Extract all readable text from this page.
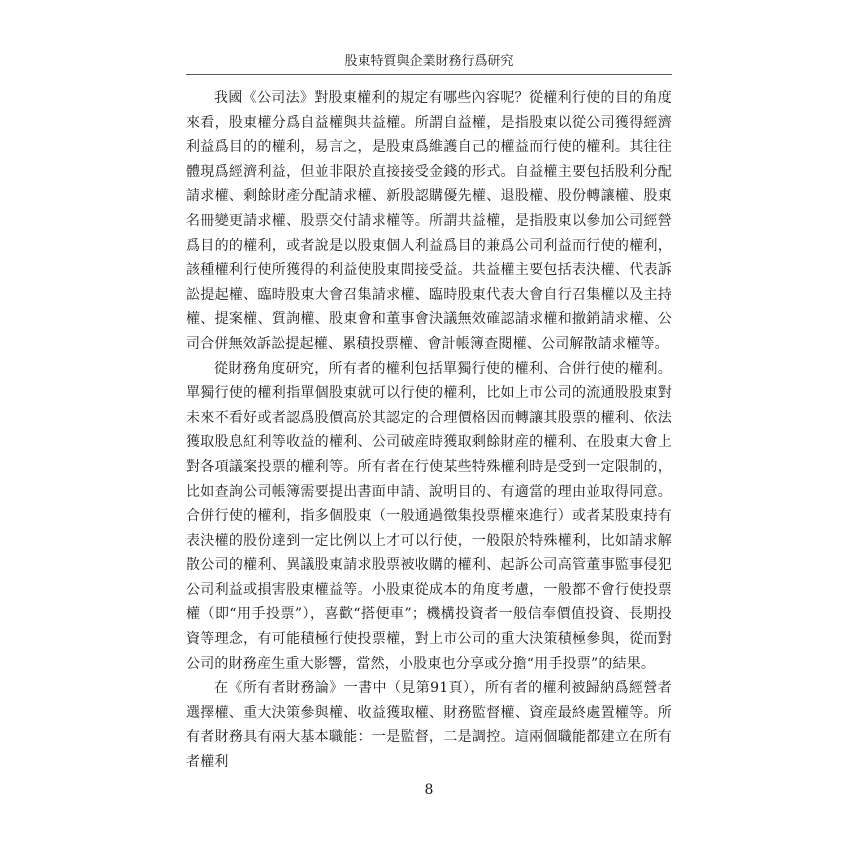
股東特質與企業財務行爲研究

我國《公司法》對股東權利的規定有哪些內容呢？從權利行使的目的角度來看，股東權分爲自益權與共益權。所謂自益權，是指股東以從公司獲得經濟利益爲目的的權利，易言之，是股東爲維護自己的權益而行使的權利。其往往體現爲經濟利益，但並非限於直接接受金錢的形式。自益權主要包括股利分配請求權、剩餘財產分配請求權、新股認購優先權、退股權、股份轉讓權、股東名冊變更請求權、股票交付請求權等。所謂共益權，是指股東以參加公司經營爲目的的權利，或者說是以股東個人利益爲目的兼爲公司利益而行使的權利，該種權利行使所獲得的利益使股東間接受益。共益權主要包括表決權、代表訴訟提起權、臨時股東大會召集請求權、臨時股東代表大會自行召集權以及主持權、提案權、質詢權、股東會和董事會決議無效確認請求權和撤銷請求權、公司合併無效訴訟提起權、累積投票權、會計帳簿查閱權、公司解散請求權等。

從財務角度研究，所有者的權利包括單獨行使的權利、合併行使的權利。單獨行使的權利指單個股東就可以行使的權利，比如上市公司的流通股股東對未來不看好或者認爲股價高於其認定的合理價格因而轉讓其股票的權利、依法獲取股息紅利等收益的權利、公司破産時獲取剩餘財産的權利、在股東大會上對各項議案投票的權利等。所有者在行使某些特殊權利時是受到一定限制的，比如查詢公司帳簿需要提出書面申請、說明目的、有適當的理由並取得同意。合併行使的權利，指多個股東（一般通過徵集投票權來進行）或者某股東持有表決權的股份達到一定比例以上才可以行使，一般限於特殊權利，比如請求解散公司的權利、異議股東請求股票被收購的權利、起訴公司高管董事監事侵犯公司利益或損害股東權益等。小股東從成本的角度考慮，一般都不會行使投票權（即“用手投票”），喜歡“搭便車”；機構投資者一般信奉價值投資、長期投資等理念，有可能積極行使投票權，對上市公司的重大決策積極參與，從而對公司的財務産生重大影響，當然，小股東也分享或分擔“用手投票”的結果。

在《所有者財務論》一書中（見第91頁），所有者的權利被歸納爲經營者選擇權、重大決策參與權、收益獲取權、財務監督權、資産最終處置權等。所有者財務具有兩大基本職能：一是監督，二是調控。這兩個職能都建立在所有者權利

8
